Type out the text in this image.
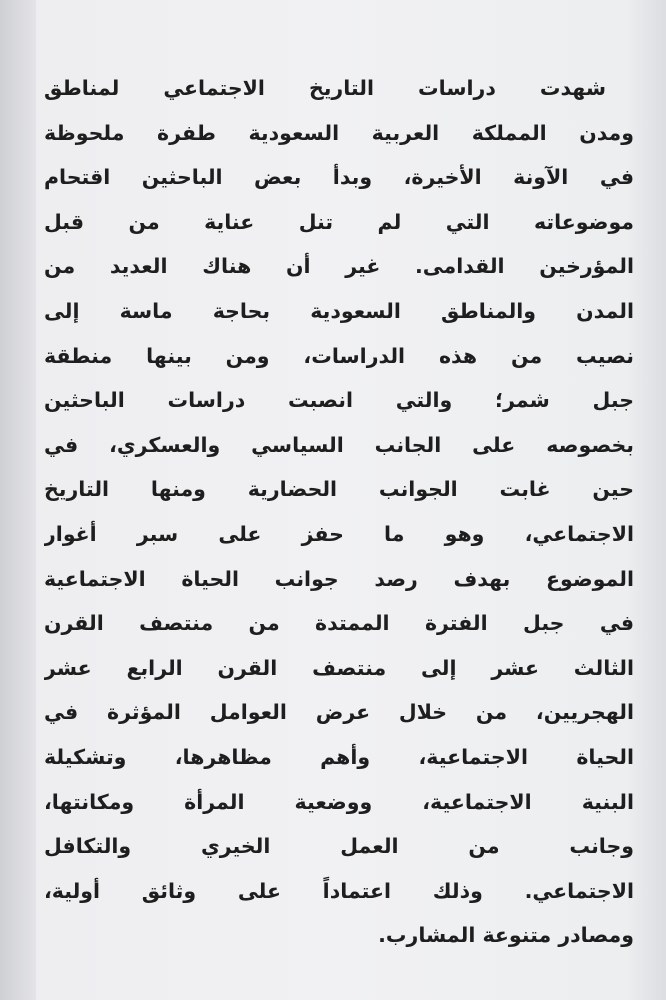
شهدت دراسات التاريخ الاجتماعي لمناطق
ومدن المملكة العربية السعودية طفرة ملحوظة
في الآونة الأخيرة، وبدأ بعض الباحثين اقتحام
موضوعاته التي لم تنل عناية من قبل
المؤرخين القدامى. غير أن هناك العديد من
المدن والمناطق السعودية بحاجة ماسة إلى
نصيب من هذه الدراسات، ومن بينها منطقة
جبل شمر؛ والتي انصبت دراسات الباحثين
بخصوصه على الجانب السياسي والعسكري، في
حين غابت الجوانب الحضارية ومنها التاريخ
الاجتماعي، وهو ما حفز على سبر أغوار
الموضوع بهدف رصد جوانب الحياة الاجتماعية
في جبل الفترة الممتدة من منتصف القرن
الثالث عشر إلى منتصف القرن الرابع عشر
الهجريين، من خلال عرض العوامل المؤثرة في
الحياة الاجتماعية، وأهم مظاهرها، وتشكيلة
البنية الاجتماعية، ووضعية المرأة ومكانتها،
وجانب من العمل الخيري والتكافل
الاجتماعي. وذلك اعتماداً على وثائق أولية،
ومصادر متنوعة المشارب.
